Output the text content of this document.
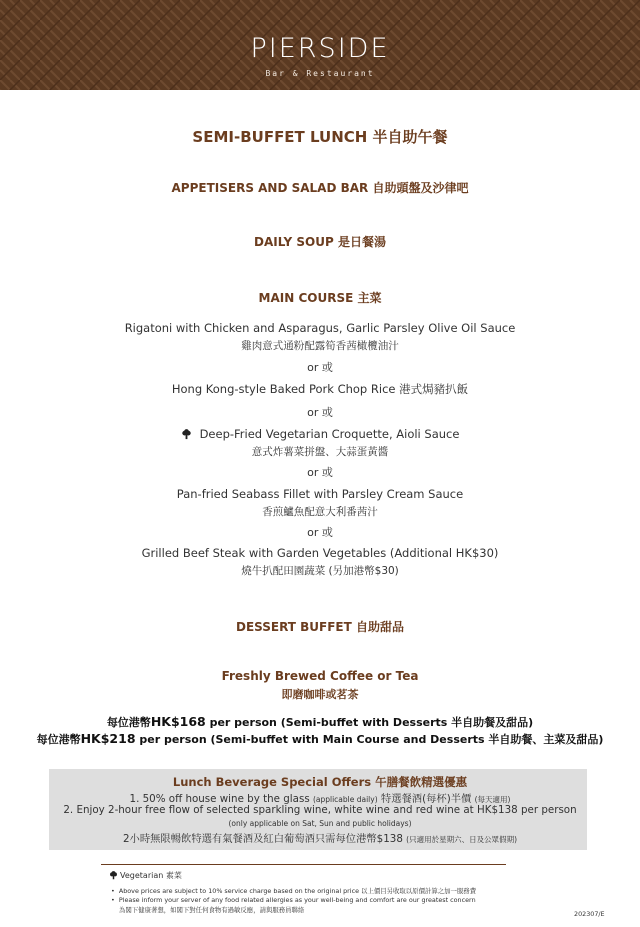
PIERSIDE
Bar & Restaurant
SEMI-BUFFET LUNCH 半自助午餐
APPETISERS AND SALAD BAR 自助頭盤及沙律吧
DAILY SOUP 是日餐湯
MAIN COURSE 主菜
Rigatoni with Chicken and Asparagus, Garlic Parsley Olive Oil Sauce
雞肉意式通粉配露筍香茜橄欖油汁
or 或
Hong Kong-style Baked Pork Chop Rice 港式焗豬扒飯
or 或
Deep-Fried Vegetarian Croquette, Aioli Sauce
意式炸薯菜拼盤、大蒜蛋黃醬
or 或
Pan-fried Seabass Fillet with Parsley Cream Sauce
香煎鱸魚配意大利番茜汁
or 或
Grilled Beef Steak with Garden Vegetables (Additional HK$30)
燒牛扒配田園蔬菜 (另加港幣$30)
DESSERT BUFFET 自助甜品
Freshly Brewed Coffee or Tea
即磨咖啡或茗茶
每位港幣HK$168 per person (Semi-buffet with Desserts 半自助餐及甜品)
每位港幣HK$218 per person (Semi-buffet with Main Course and Desserts 半自助餐、主菜及甜品)
Lunch Beverage Special Offers 午膳餐飲精選優惠
1. 50% off house wine by the glass (applicable daily) 特選餐酒(每杯)半價 (每天適用)
2. Enjoy 2-hour free flow of selected sparkling wine, white wine and red wine at HK$138 per person
(only applicable on Sat, Sun and public holidays)
2小時無限暢飲特選有氣餐酒及紅白葡萄酒只需每位港幣$138 (只適用於星期六、日及公眾假期)
Vegetarian 素菜
•  Above prices are subject to 10% service charge based on the original price 以上價目另收取以原價計算之加一服務費
•  Please inform your server of any food related allergies as your well-being and comfort are our greatest concern
為閣下健康著想，如閣下對任何食物有過敏反應，請與服務員聯絡	202307/E
